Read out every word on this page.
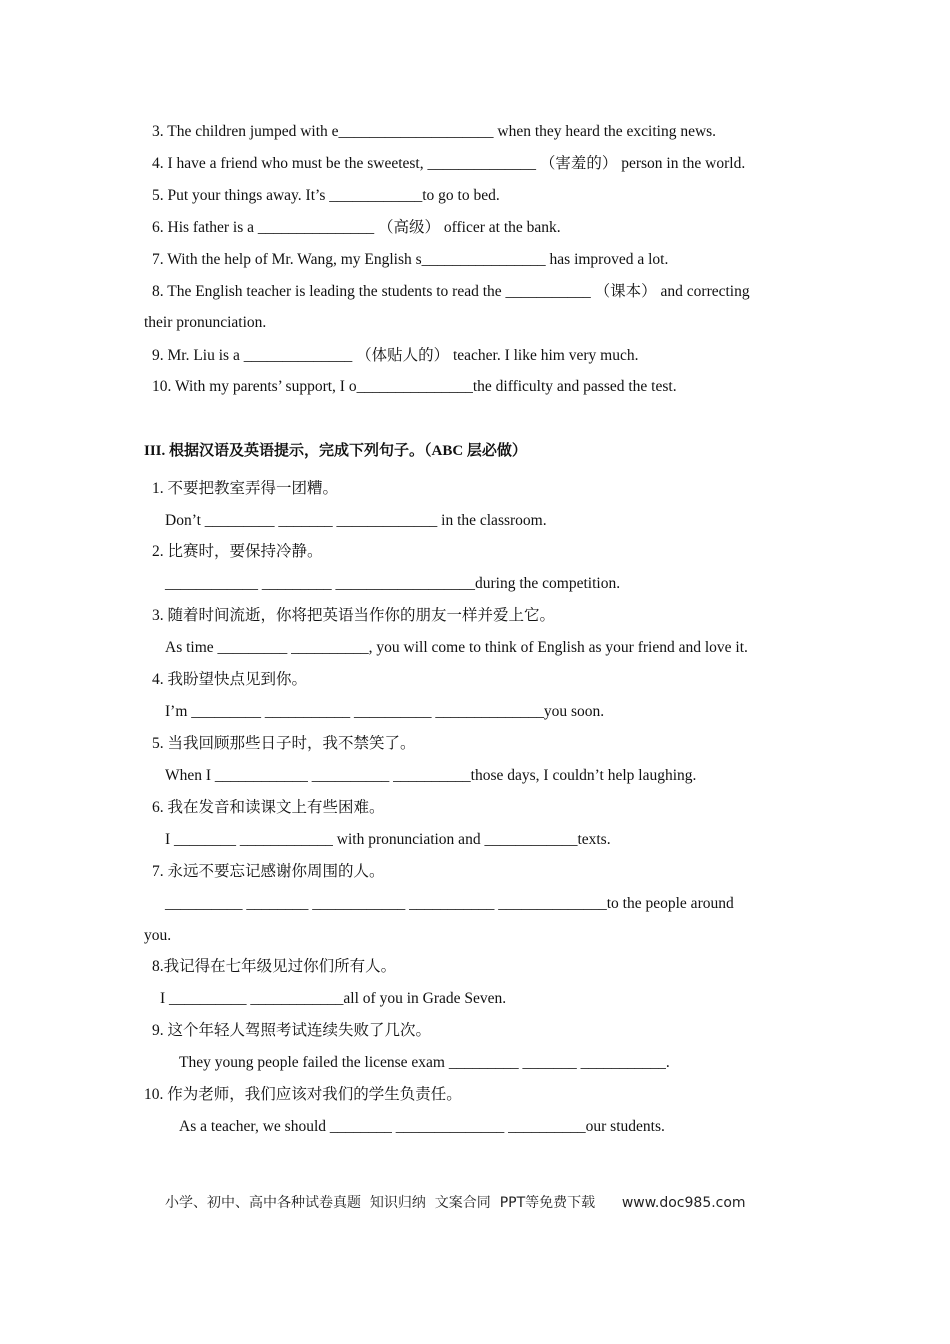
3. The children jumped with e____________________ when they heard the exciting news.
4. I have a friend who must be the sweetest, ______________ （害羞的） person in the world.
5. Put your things away. It’s ____________to go to bed.
6. His father is a _______________ （高级） officer at the bank.
7. With the help of Mr. Wang, my English s________________ has improved a lot.
8. The English teacher is leading the students to read the ___________ （课本） and correcting
their pronunciation.
9. Mr. Liu is a ______________ （体贴人的） teacher. I like him very much.
10. With my parents’ support, I o_______________the difficulty and passed the test.
III. 根据汉语及英语提示，完成下列句子。（ABC 层必做）
1. 不要把教室弄得一团糟。
Don’t _________ _______ _____________ in the classroom.
2. 比赛时，要保持冷静。
____________ _________ __________________during the competition.
3. 随着时间流逝，你将把英语当作你的朋友一样并爱上它。
As time _________ __________, you will come to think of English as your friend and love it.
4. 我盼望快点见到你。
I’m _________ ___________ __________ ______________you soon.
5. 当我回顾那些日子时，我不禁笑了。
When I ____________ __________ __________those days, I couldn’t help laughing.
6. 我在发音和读课文上有些困难。
I ________ ____________ with pronunciation and ____________texts.
7. 永远不要忘记感谢你周围的人。
__________ ________ ____________ ___________ ______________to the people around
you.
8.我记得在七年级见过你们所有人。
I __________ ____________all of you in Grade Seven.
9. 这个年轻人驾照考试连续失败了几次。
They young people failed the license exam _________ _______ ___________.
10. 作为老师，我们应该对我们的学生负责任。
As a teacher, we should ________ ______________ __________our students.
小学、初中、高中各种试卷真题  知识归纳  文案合同  PPT等免费下载      www.doc985.com
